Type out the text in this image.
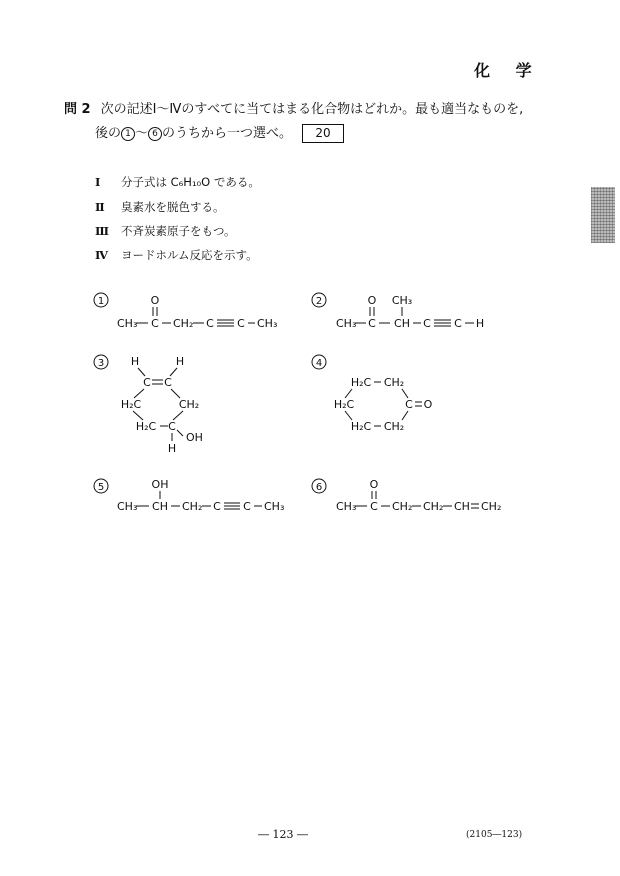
化 学
問 2 次の記述Ⅰ～Ⅳのすべてに当てはまる化合物はどれか。最も適当なものを,
後の 1 ～ 6 のうちから一つ選べ。 20
Ⅰ 分子式は C₆H₁₀O である。
Ⅱ 臭素水を脱色する。
Ⅲ 不斉炭素原子をもつ。
Ⅳ ヨードホルム反応を示す。
1	O
CH₃ C CH₂ C C CH₃
2	O
CH₃
CH₃
C CH C C H
3 H	H
C C
H₂C	CH₂
H₂C C
OH
H
4
H₂C CH₂
H₂C	C O
H₂C CH₂
5	OH
CH₃ CH CH₂ C C CH₃
6	O
CH₃ C CH₂ CH₂ CH CH₂
― 123 ―	(2105―123)
